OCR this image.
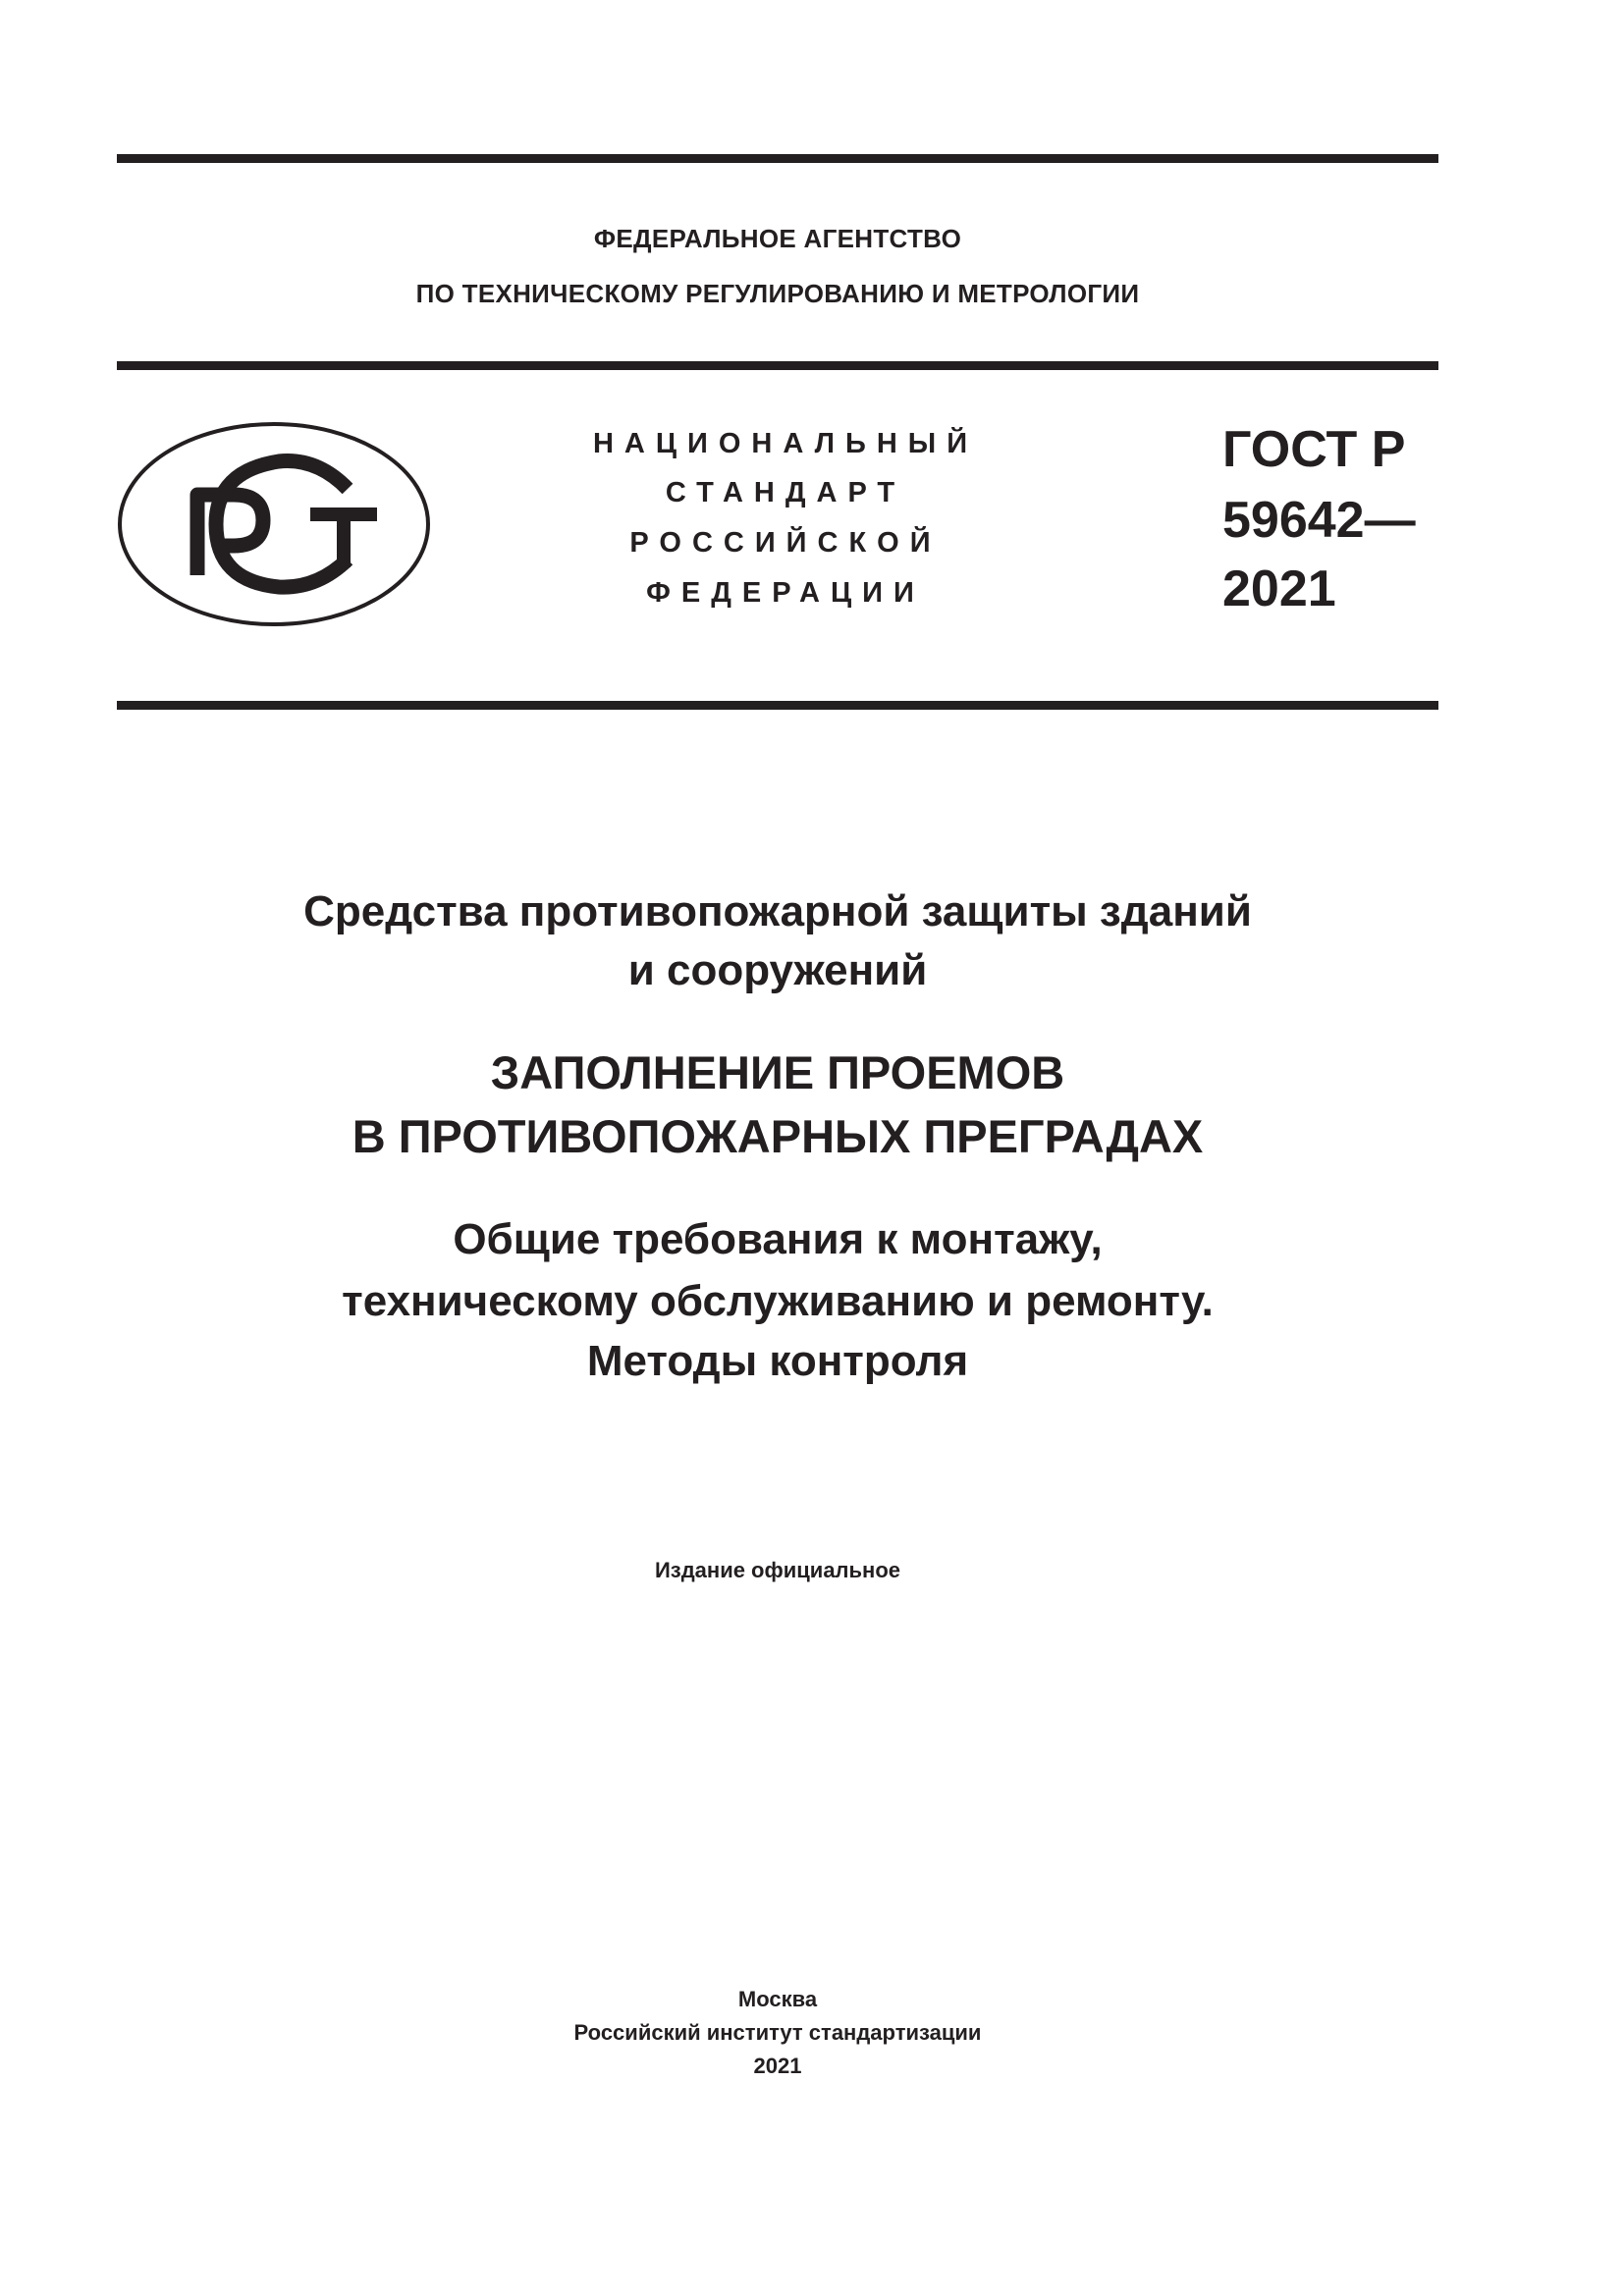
ФЕДЕРАЛЬНОЕ АГЕНТСТВО
ПО ТЕХНИЧЕСКОМУ РЕГУЛИРОВАНИЮ И МЕТРОЛОГИИ
НАЦИОНАЛЬНЫЙ
СТАНДАРТ
РОССИЙСКОЙ
ФЕДЕРАЦИИ
ГОСТ Р
59642—
2021
Средства противопожарной защиты зданий
и сооружений
ЗАПОЛНЕНИЕ ПРОЕМОВ
В ПРОТИВОПОЖАРНЫХ ПРЕГРАДАХ
Общие требования к монтажу,
техническому обслуживанию и ремонту.
Методы контроля
Издание официальное
Москва
Российский институт стандартизации
2021
